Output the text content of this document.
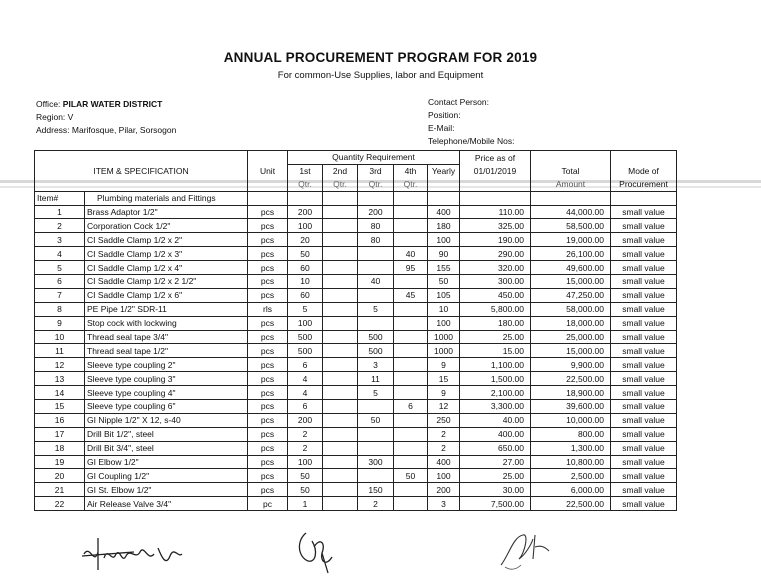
ANNUAL PROCUREMENT PROGRAM FOR 2019
For common-Use Supplies, labor and Equipment
Office: PILAR WATER DISTRICT
Region: V
Address: Marifosque, Pilar, Sorsogon
Contact Person:
Position:
E-Mail:
Telephone/Mobile Nos:
ITEM & SPECIFICATION			Quantity Requirement					Price as of		
		Unit	1st	2nd	3rd	4th	Yearly	01/01/2019	Total	Mode of
			Qtr.	Qtr.	Qtr.	Qtr.			Amount	Procurement
Item#	Plumbing materials and Fittings									
1	Brass Adaptor 1/2"	pcs	200		200		400	110.00	44,000.00	small value
2	Corporation Cock 1/2"	pcs	100		80		180	325.00	58,500.00	small value
3	CI Saddle Clamp 1/2 x 2"	pcs	20		80		100	190.00	19,000.00	small value
4	CI Saddle Clamp 1/2 x 3"	pcs	50			40	90	290.00	26,100.00	small value
5	CI Saddle Clamp 1/2 x 4"	pcs	60			95	155	320.00	49,600.00	small value
6	CI Saddle Clamp 1/2 x 2 1/2"	pcs	10		40		50	300.00	15,000.00	small value
7	CI Saddle Clamp 1/2 x 6"	pcs	60			45	105	450.00	47,250.00	small value
8	PE Pipe 1/2" SDR-11	rls	5		5		10	5,800.00	58,000.00	small value
9	Stop cock with lockwing	pcs	100				100	180.00	18,000.00	small value
10	Thread seal tape 3/4"	pcs	500		500		1000	25.00	25,000.00	small value
11	Thread seal tape 1/2"	pcs	500		500		1000	15.00	15,000.00	small value
12	Sleeve type coupling 2"	pcs	6		3		9	1,100.00	9,900.00	small value
13	Sleeve type coupling 3"	pcs	4		11		15	1,500.00	22,500.00	small value
14	Sleeve type coupling 4"	pcs	4		5		9	2,100.00	18,900.00	small value
15	Sleeve type coupling 6"	pcs	6			6	12	3,300.00	39,600.00	small value
16	GI Nipple 1/2" X 12, s-40	pcs	200		50		250	40.00	10,000.00	small value
17	Drill Bit 1/2", steel	pcs	2				2	400.00	800.00	small value
18	Drill Bit 3/4", steel	pcs	2				2	650.00	1,300.00	small value
19	GI Elbow 1/2"	pcs	100		300		400	27.00	10,800.00	small value
20	GI Coupling 1/2"	pcs	50			50	100	25.00	2,500.00	small value
21	GI St. Elbow 1/2"	pcs	50		150		200	30.00	6,000.00	small value
22	Air Release Valve 3/4"	pc	1		2		3	7,500.00	22,500.00	small value
